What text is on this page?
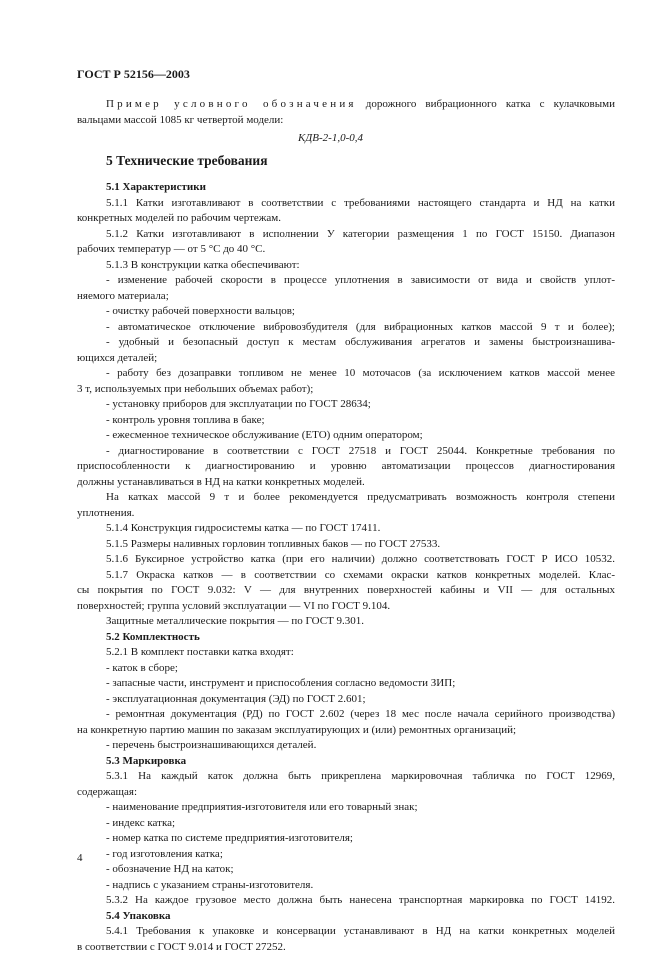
ГОСТ Р 52156—2003
Пример условного обозначения дорожного вибрационного катка с кулачковыми
вальцами массой 1085 кг четвертой модели:
КДВ-2-1,0-0,4
5 Технические требования
5.1 Характеристики
5.1.1 Катки изготавливают в соответствии с требованиями настоящего стандарта и НД на катки
конкретных моделей по рабочим чертежам.
5.1.2 Катки изготавливают в исполнении У категории размещения 1 по ГОСТ 15150. Диапазон
рабочих температур — от 5 °С до 40 °С.
5.1.3 В конструкции катка обеспечивают:
- изменение рабочей скорости в процессе уплотнения в зависимости от вида и свойств уплот-
няемого материала;
- очистку рабочей поверхности вальцов;
- автоматическое отключение вибровозбудителя (для вибрационных катков массой 9 т и более);
- удобный и безопасный доступ к местам обслуживания агрегатов и замены быстроизнашива-
ющихся деталей;
- работу без дозаправки топливом не менее 10 моточасов (за исключением катков массой менее
3 т, используемых при небольших объемах работ);
- установку приборов для эксплуатации по ГОСТ 28634;
- контроль уровня топлива в баке;
- ежесменное техническое обслуживание (ЕТО) одним оператором;
- диагностирование в соответствии с ГОСТ 27518 и ГОСТ 25044. Конкретные требования по
приспособленности к диагностированию и уровню автоматизации процессов диагностирования
должны устанавливаться в НД на катки конкретных моделей.
На катках массой 9 т и более рекомендуется предусматривать возможность контроля степени
уплотнения.
5.1.4 Конструкция гидросистемы катка — по ГОСТ 17411.
5.1.5 Размеры наливных горловин топливных баков — по ГОСТ 27533.
5.1.6 Буксирное устройство катка (при его наличии) должно соответствовать ГОСТ Р ИСО 10532.
5.1.7 Окраска катков — в соответствии со схемами окраски катков конкретных моделей. Клас-
сы покрытия по ГОСТ 9.032: V — для внутренних поверхностей кабины и VII — для остальных
поверхностей; группа условий эксплуатации — VI по ГОСТ 9.104.
Защитные металлические покрытия — по ГОСТ 9.301.
5.2 Комплектность
5.2.1 В комплект поставки катка входят:
- каток в сборе;
- запасные части, инструмент и приспособления согласно ведомости ЗИП;
- эксплуатационная документация (ЭД) по ГОСТ 2.601;
- ремонтная документация (РД) по ГОСТ 2.602 (через 18 мес после начала серийного производства)
на конкретную партию машин по заказам эксплуатирующих и (или) ремонтных организаций;
- перечень быстроизнашивающихся деталей.
5.3 Маркировка
5.3.1 На каждый каток должна быть прикреплена маркировочная табличка по ГОСТ 12969,
содержащая:
- наименование предприятия-изготовителя или его товарный знак;
- индекс катка;
- номер катка по системе предприятия-изготовителя;
- год изготовления катка;
- обозначение НД на каток;
- надпись с указанием страны-изготовителя.
5.3.2 На каждое грузовое место должна быть нанесена транспортная маркировка по ГОСТ 14192.
5.4 Упаковка
5.4.1 Требования к упаковке и консервации устанавливают в НД на катки конкретных моделей
в соответствии с ГОСТ 9.014 и ГОСТ 27252.
4
